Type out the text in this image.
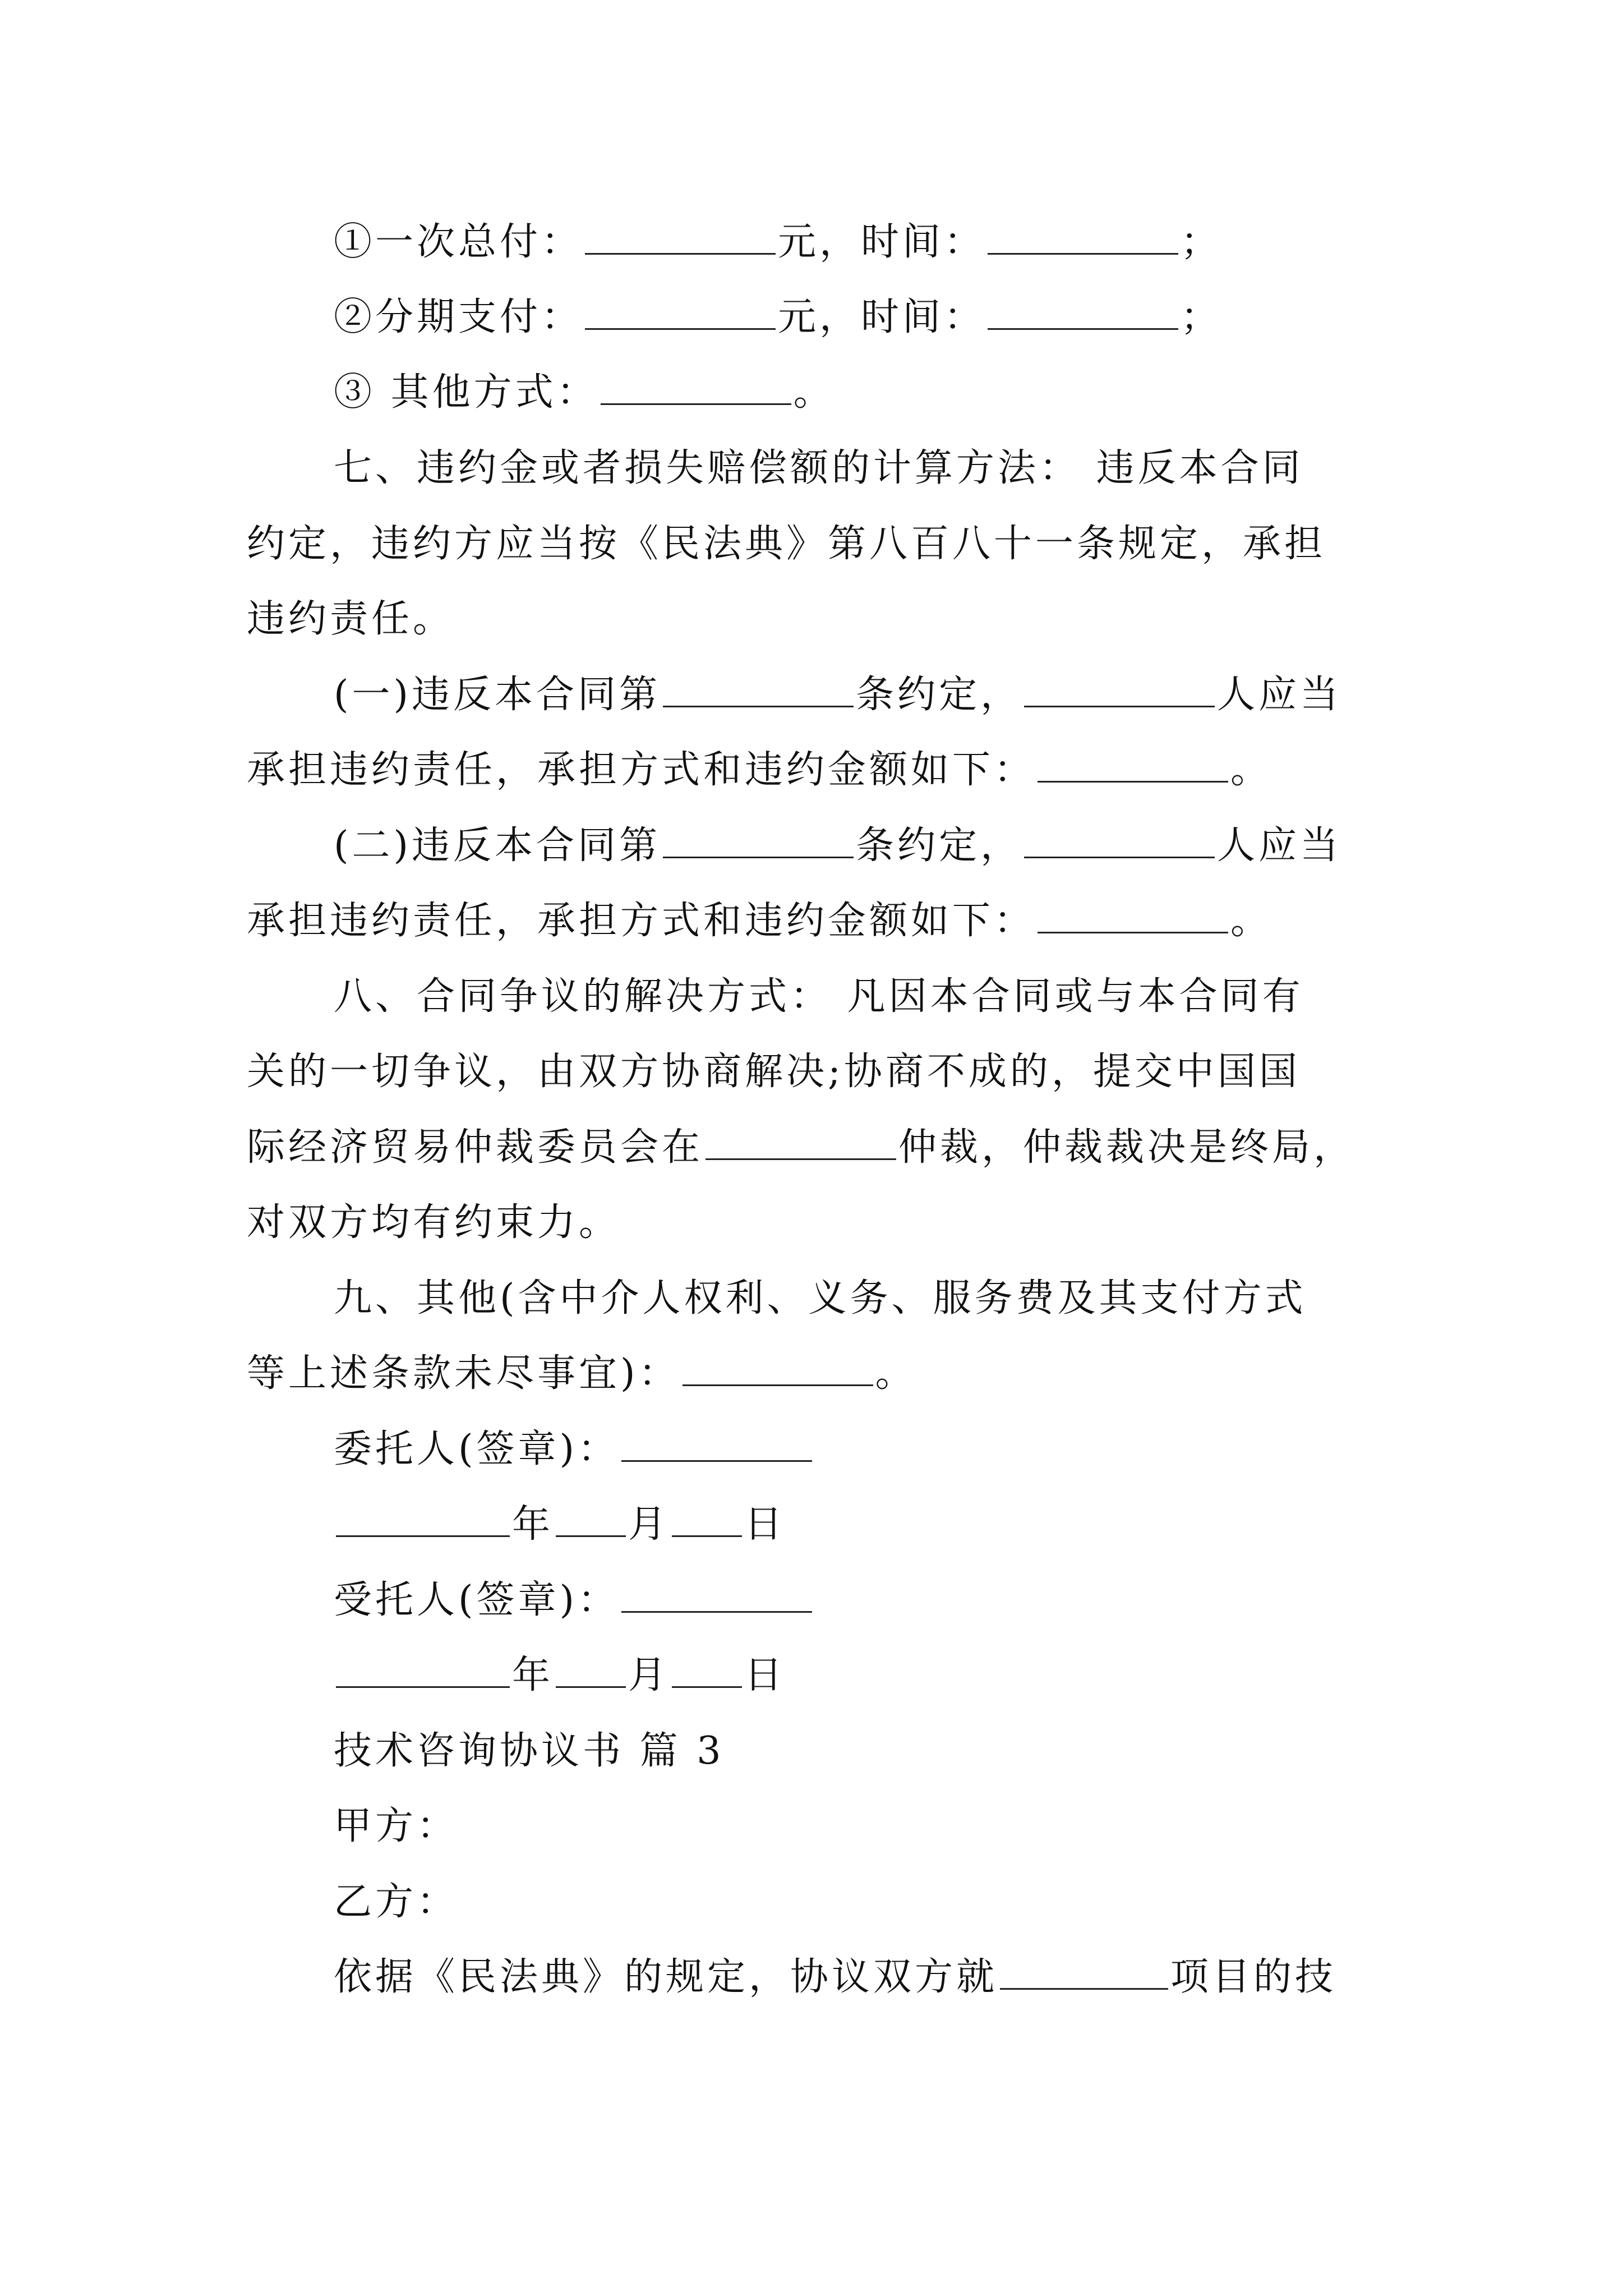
①一次总付：	元，时间：	；
②分期支付：	元，时间：	；
③ 其他方式：	。
七、违约金或者损失赔偿额的计算方法： 违反本合同
约定，违约方应当按《民法典》第八百八十一条规定，承担
违约责任。
(一)违反本合同第	条约定，	人应当
承担违约责任，承担方式和违约金额如下：	。
(二)违反本合同第	条约定，	人应当
承担违约责任，承担方式和违约金额如下：	。
八、合同争议的解决方式： 凡因本合同或与本合同有
关的一切争议，由双方协商解决;协商不成的，提交中国国
际经济贸易仲裁委员会在	仲裁，仲裁裁决是终局，
对双方均有约束力。
九、其他(含中介人权利、义务、服务费及其支付方式
等上述条款未尽事宜)：	。
委托人(签章)：
年 月 日
受托人(签章)：
年 月 日
技术咨询协议书 篇 3
甲方：
乙方：
依据《民法典》的规定，协议双方就	项目的技
